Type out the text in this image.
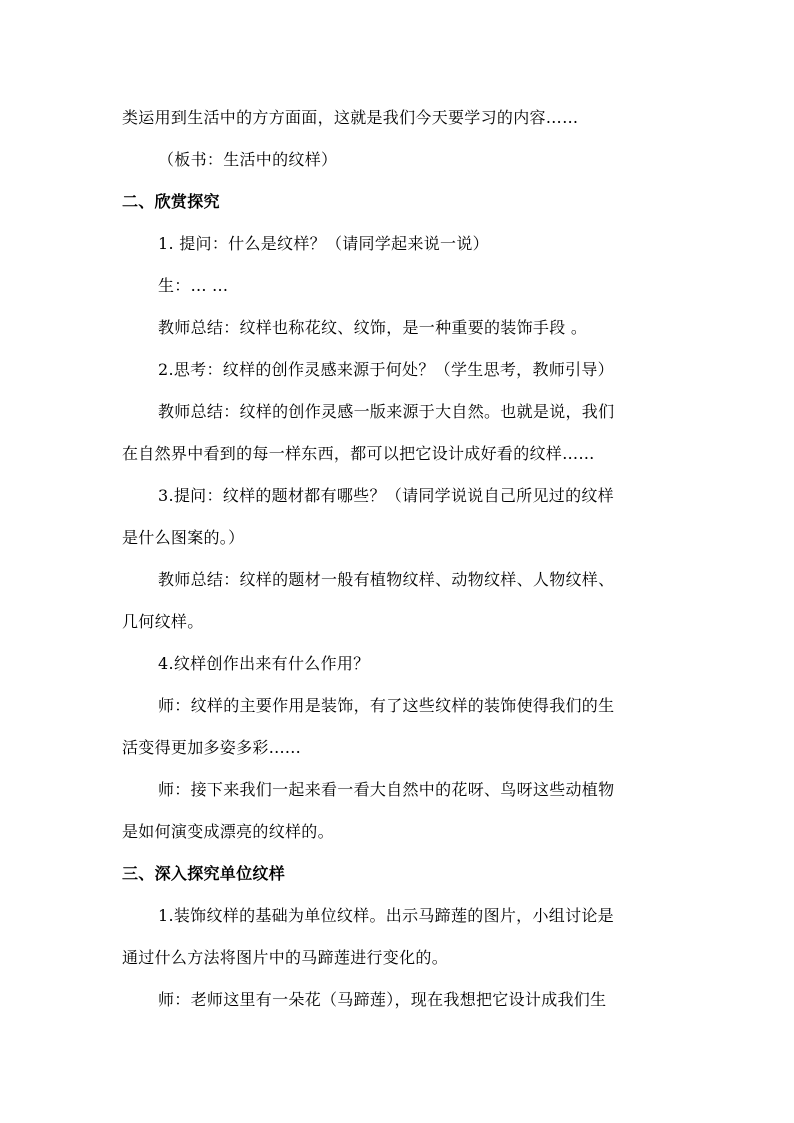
类运用到生活中的方方面面，这就是我们今天要学习的内容……
（板书：生活中的纹样）
二、欣赏探究
1. 提问：什么是纹样？（请同学起来说一说）
生：... ...
教师总结：纹样也称花纹、纹饰，是一种重要的装饰手段 。
2.思考：纹样的创作灵感来源于何处？（学生思考，教师引导）
教师总结：纹样的创作灵感一版来源于大自然。也就是说，我们
在自然界中看到的每一样东西，都可以把它设计成好看的纹样……
3.提问：纹样的题材都有哪些？（请同学说说自己所见过的纹样
是什么图案的。）
教师总结：纹样的题材一般有植物纹样、动物纹样、人物纹样、
几何纹样。
4.纹样创作出来有什么作用？
师：纹样的主要作用是装饰，有了这些纹样的装饰使得我们的生
活变得更加多姿多彩......
师：接下来我们一起来看一看大自然中的花呀、鸟呀这些动植物
是如何演变成漂亮的纹样的。
三、深入探究单位纹样
1.装饰纹样的基础为单位纹样。出示马蹄莲的图片，小组讨论是
通过什么方法将图片中的马蹄莲进行变化的。
师：老师这里有一朵花（马蹄莲），现在我想把它设计成我们生
